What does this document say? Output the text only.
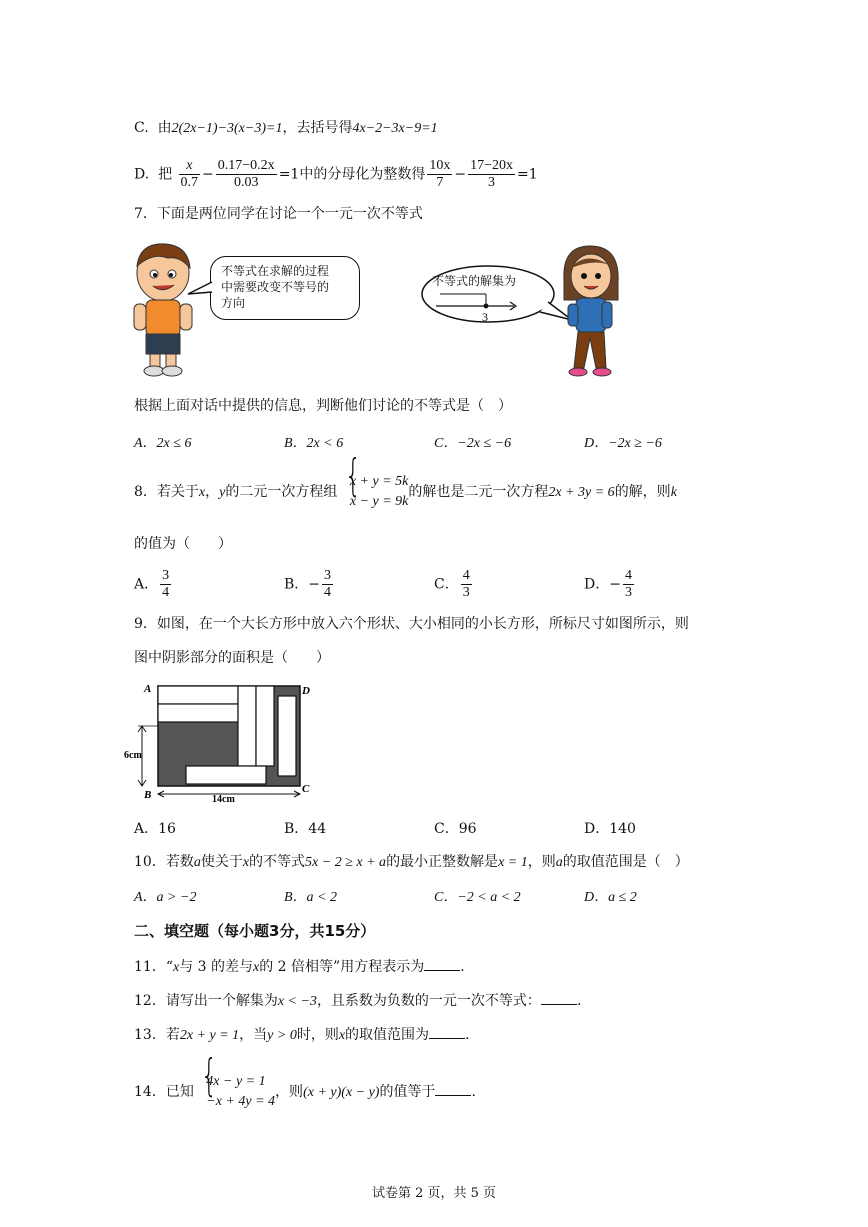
C. 由2(2x−1)−3(x−3)=1，去括号得4x−2−3x−9=1
D. 把 $\frac{x}{0.7} - \frac{0.17-0.2x}{0.03} =1$中的分母化为整数得 $\frac{10x}{7} - \frac{17-20x}{3} =1$
7．下面是两位同学在讨论一个一元一次不等式
不等式在求解的过程
中需要改变不等号的
方向
不等式的解集为
3
根据上面对话中提供的信息，判断他们讨论的不等式是（　）
A．2x ≤ 6	B．2x < 6	C．−2x ≤ −6	D．−2x ≥ −6
8．若关于x，y的二元一次方程组
{ x + y = 5k
x − y = 9k
的解也是二元一次方程2x + 3y = 6的解，则k
的值为（　　）
A． $\frac{3}{4}$	B．− $\frac{3}{4}$	C． $\frac{4}{3}$	D．− $\frac{4}{3}$
9．如图，在一个大长方形中放入六个形状、大小相同的小长方形，所标尺寸如图所示，则
图中阴影部分的面积是（　　）
A	D
B	C
6cm
14cm
A．16	B．44	C．96	D．140
10．若数a使关于x的不等式5x − 2 ≥ x + a的最小正整数解是x = 1，则a的取值范围是（　）
A．a > −2	B．a < 2	C．−2 < a < 2	D．a ≤ 2
二、填空题（每小题3分，共15分）
11．“x与 3 的差与x的 2 倍相等”用方程表示为	.
12．请写出一个解集为x < −3，且系数为负数的一元一次不等式：	.
13．若2x + y = 1，当y > 0时，则x的取值范围为	.
14．已知
{ 4x − y = 1
−x + 4y = 4
，则(x + y)(x − y)的值等于	.
试卷第 2 页，共 5 页
